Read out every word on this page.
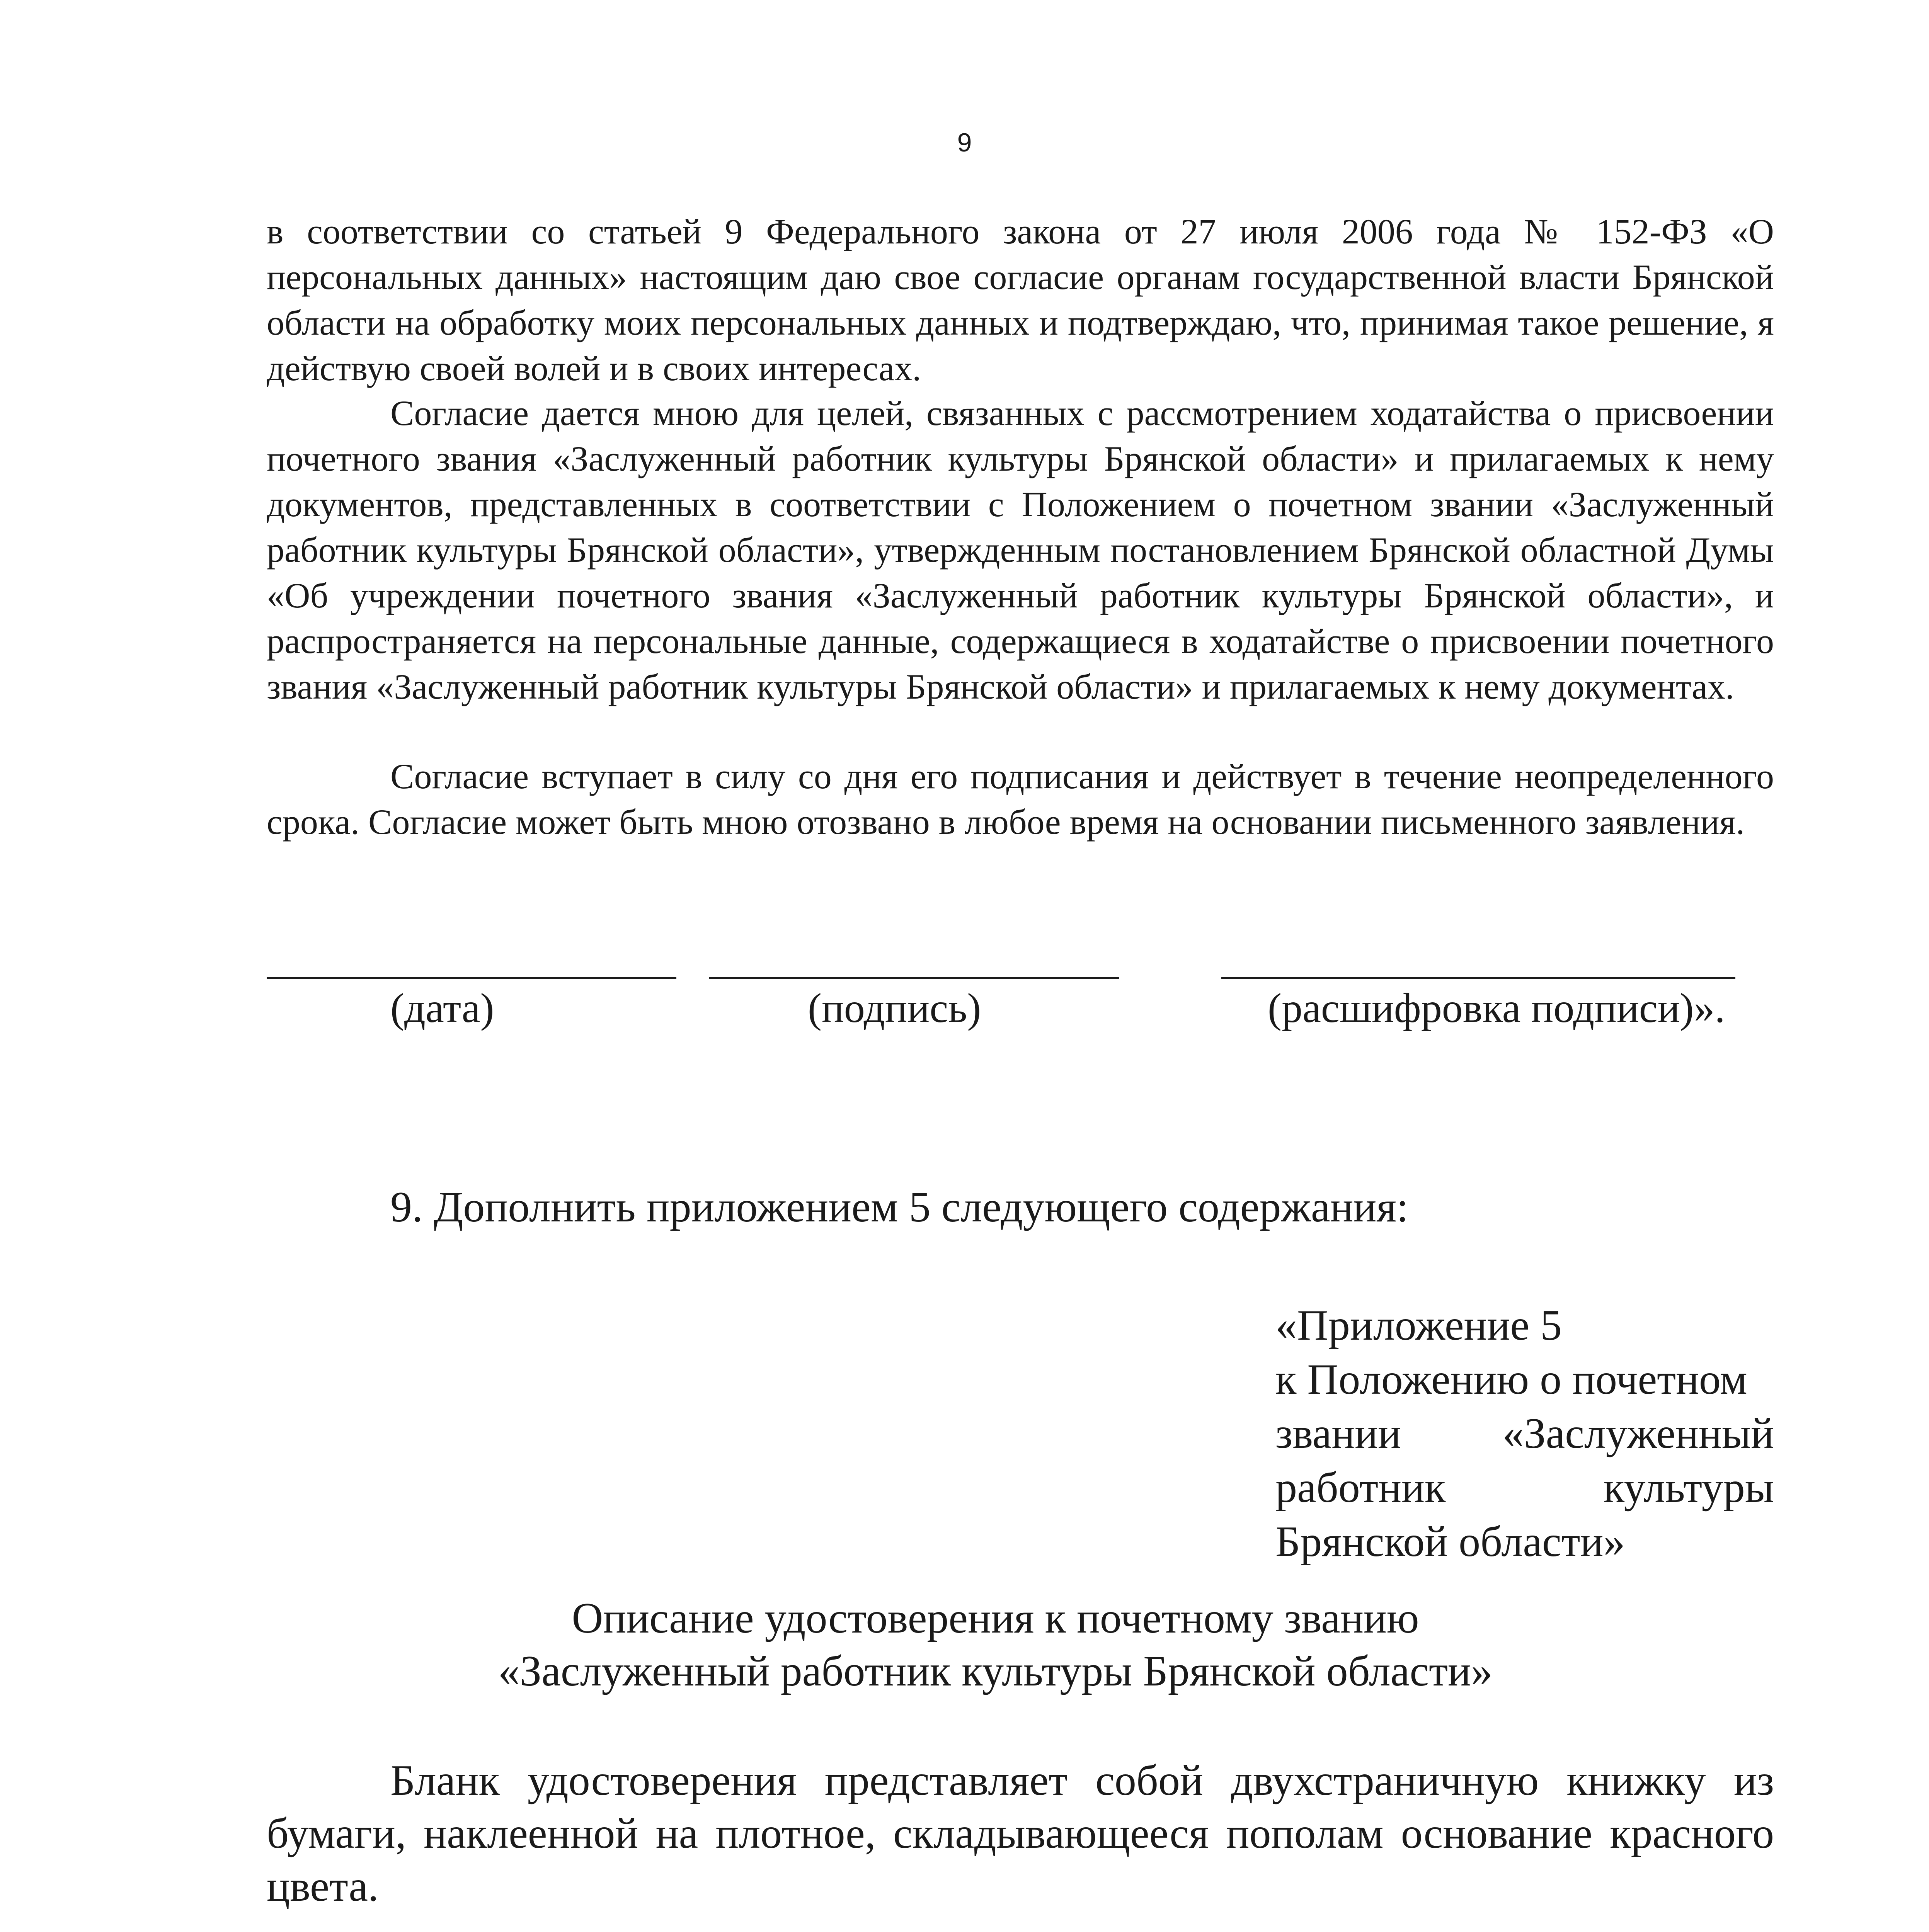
9

в соответствии со статьей 9 Федерального закона от 27 июля 2006 года № 152-ФЗ «О персональных данных» настоящим даю свое согласие органам государственной власти Брянской области на обработку моих персональных данных и подтверждаю, что, принимая такое решение, я действую своей волей и в своих интересах.

Согласие дается мною для целей, связанных с рассмотрением ходатайства о присвоении почетного звания «Заслуженный работник культуры Брянской области» и прилагаемых к нему документов, представленных в соответствии с Положением о почетном звании «Заслуженный работник культуры Брянской области», утвержденным постановлением Брянской областной Думы «Об учреждении почетного звания «Заслуженный работник культуры Брянской области», и распространяется на персональные данные, содержащиеся в ходатайстве о присвоении почетного звания «Заслуженный работник культуры Брянской области» и прилагаемых к нему документах.

Согласие вступает в силу со дня его подписания и действует в течение неопределенного срока. Согласие может быть мною отозвано в любое время на основании письменного заявления.

(дата)	(подпись)	(расшифровка подписи)».
9. Дополнить приложением 5 следующего содержания:
«Приложение 5
к Положению о почетном
звании «Заслуженный
работник культуры
Брянской области»
Описание удостоверения к почетному званию
«Заслуженный работник культуры Брянской области»

Бланк удостоверения представляет собой двухстраничную книжку из бумаги, наклеенной на плотное, складывающееся пополам основание красного цвета.
